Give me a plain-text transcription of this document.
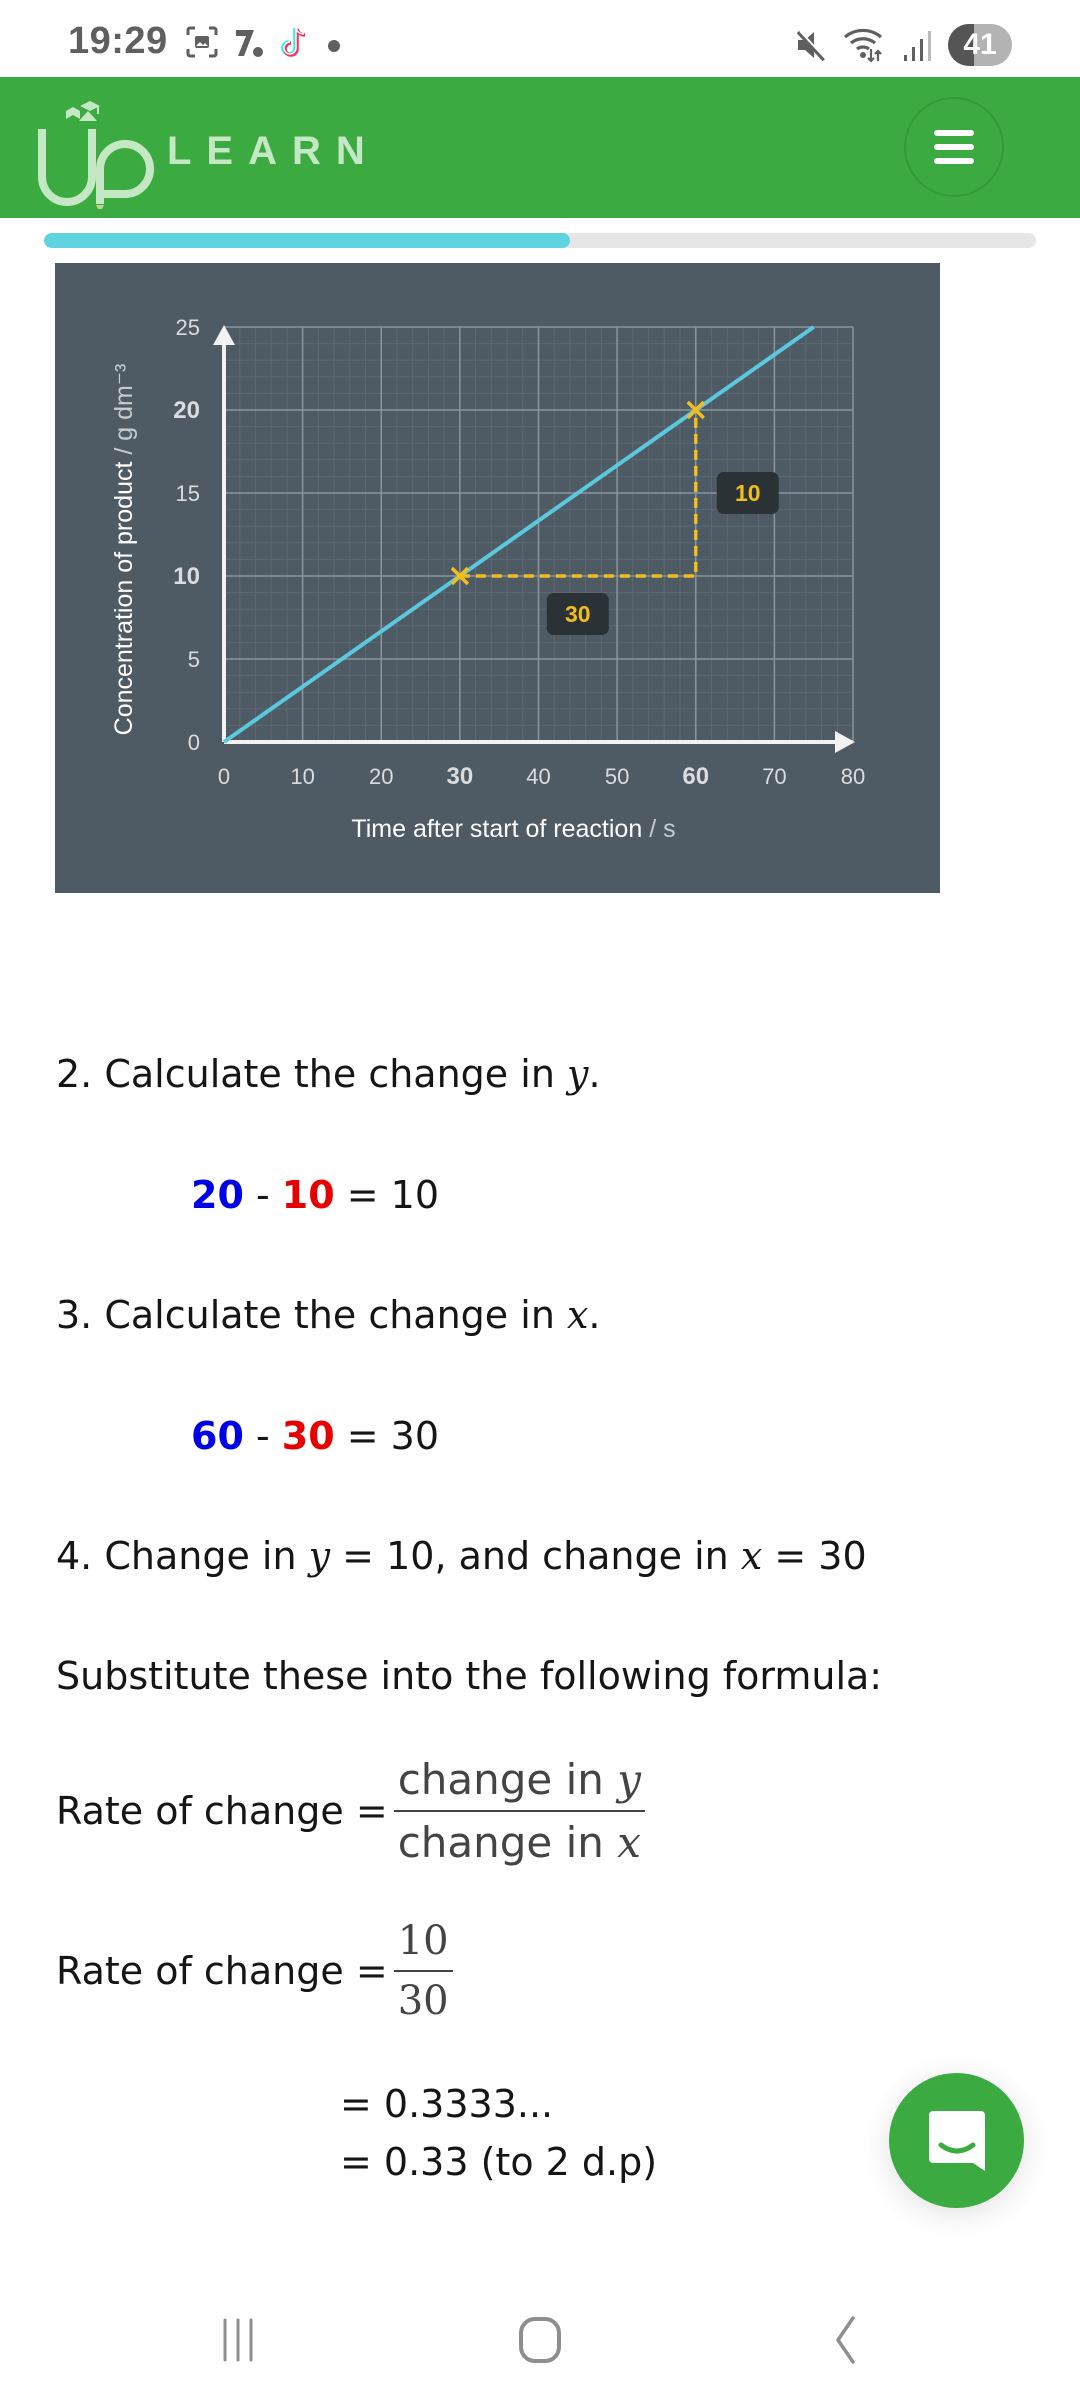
19:29	41
LEARN
0	10 20 30 40 50 60 70 80
0
5
10
15
20
25
Time after start of reaction / s
Concentration of product / g dm⁻³
30
10
2. Calculate the change in y.
20 - 10 = 10
3. Calculate the change in x.
60 - 30 = 30
4. Change in y = 10, and change in x = 30
Substitute these into the following formula:
Rate of change = $\frac{\text{change in y}}{\text{change in x}}$
Rate of change = $\frac{10}{30}$
= 0.3333...
= 0.33 (to 2 d.p)
